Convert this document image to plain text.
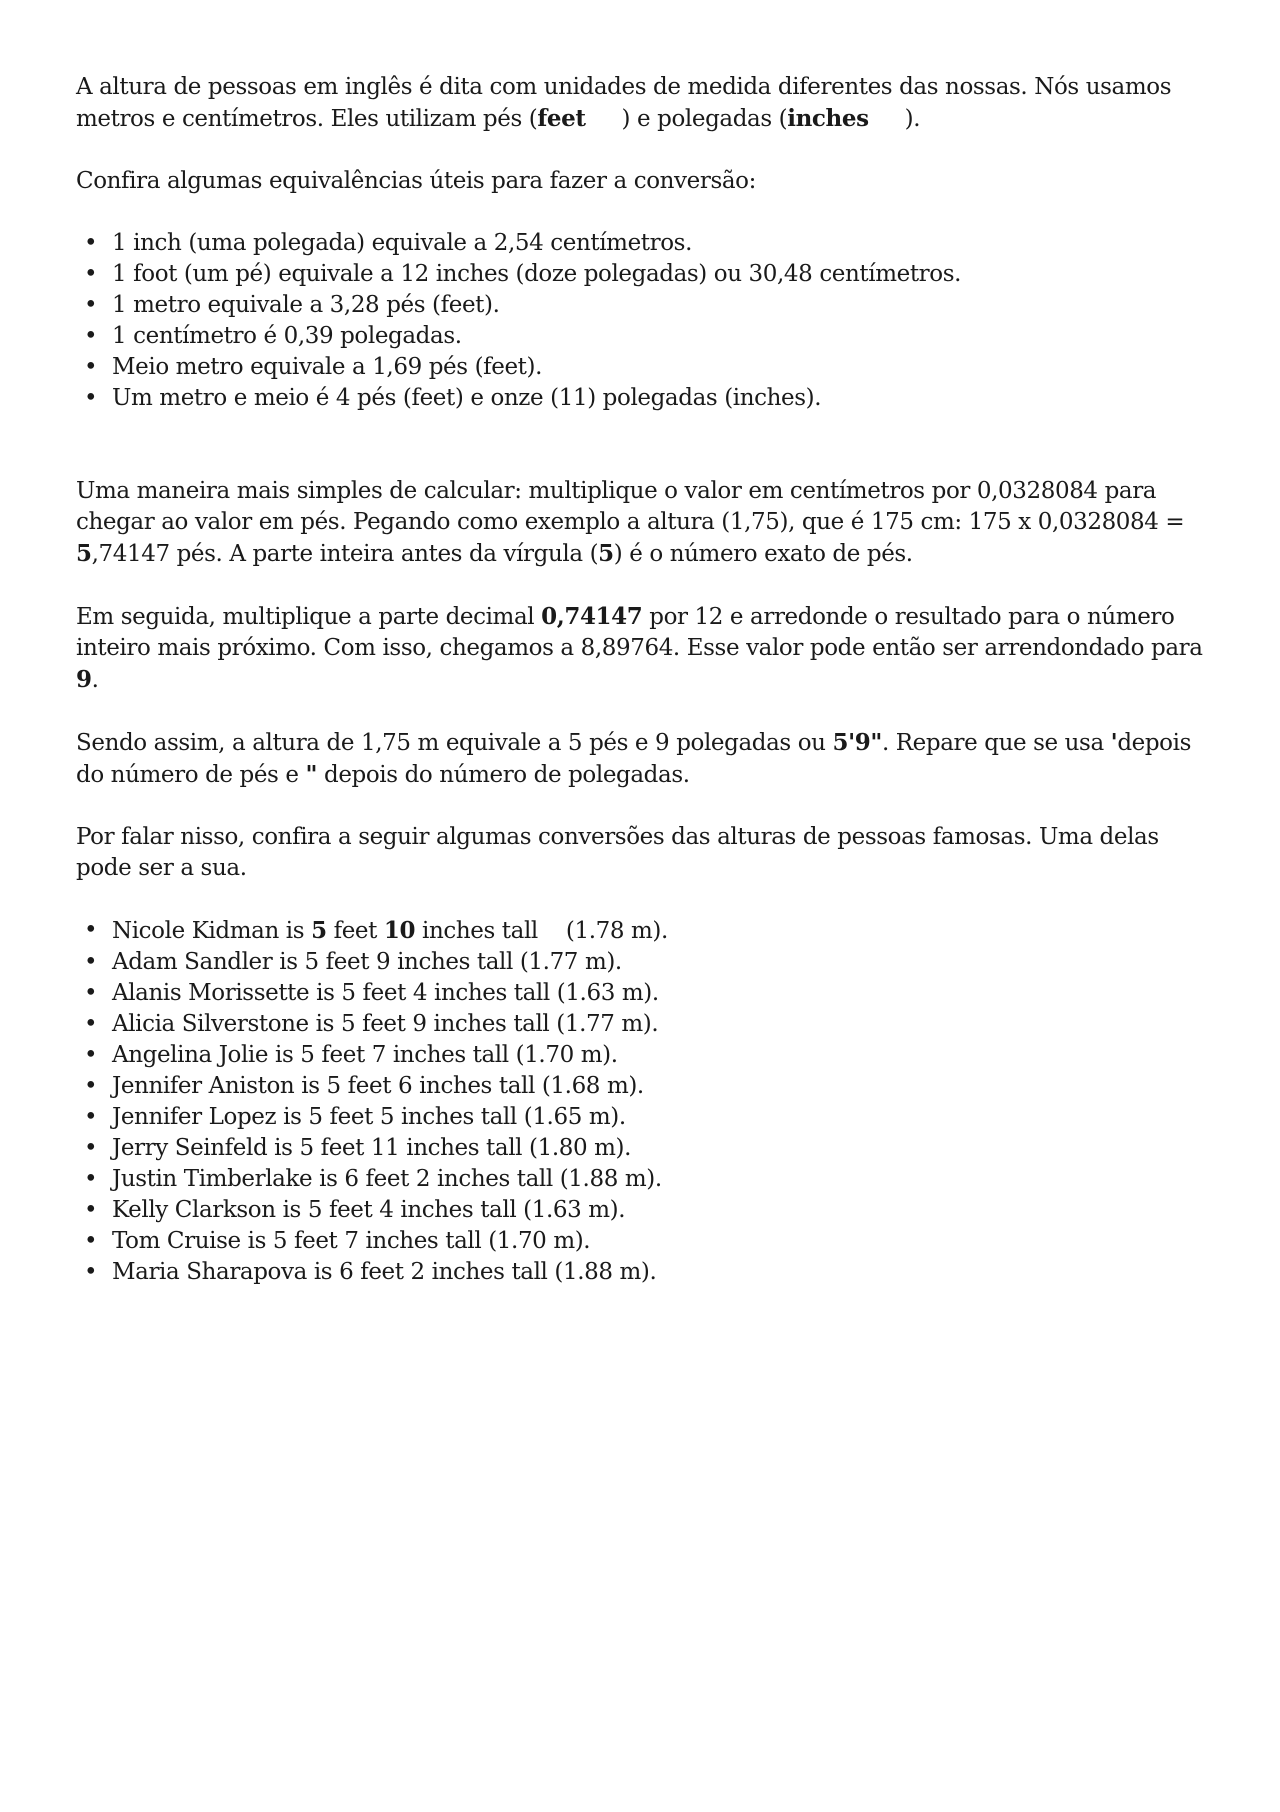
A altura de pessoas em inglês é dita com unidades de medida diferentes das nossas. Nós usamos metros e centímetros. Eles utilizam pés (feet ) e polegadas (inches ).

Confira algumas equivalências úteis para fazer a conversão:

• 1 inch (uma polegada) equivale a 2,54 centímetros.
• 1 foot (um pé) equivale a 12 inches (doze polegadas) ou 30,48 centímetros.
• 1 metro equivale a 3,28 pés (feet).
• 1 centímetro é 0,39 polegadas.
• Meio metro equivale a 1,69 pés (feet).
• Um metro e meio é 4 pés (feet) e onze (11) polegadas (inches).

Uma maneira mais simples de calcular: multiplique o valor em centímetros por 0,0328084 para chegar ao valor em pés. Pegando como exemplo a altura (1,75), que é 175 cm: 175 x 0,0328084 = 5,74147 pés. A parte inteira antes da vírgula (5) é o número exato de pés.

Em seguida, multiplique a parte decimal 0,74147 por 12 e arredonde o resultado para o número inteiro mais próximo. Com isso, chegamos a 8,89764. Esse valor pode então ser arrendondado para 9.

Sendo assim, a altura de 1,75 m equivale a 5 pés e 9 polegadas ou 5'9". Repare que se usa 'depois do número de pés e " depois do número de polegadas.

Por falar nisso, confira a seguir algumas conversões das alturas de pessoas famosas. Uma delas pode ser a sua.

• Nicole Kidman is 5 feet 10 inches tall (1.78 m).
• Adam Sandler is 5 feet 9 inches tall (1.77 m).
• Alanis Morissette is 5 feet 4 inches tall (1.63 m).
• Alicia Silverstone is 5 feet 9 inches tall (1.77 m).
• Angelina Jolie is 5 feet 7 inches tall (1.70 m).
• Jennifer Aniston is 5 feet 6 inches tall (1.68 m).
• Jennifer Lopez is 5 feet 5 inches tall (1.65 m).
• Jerry Seinfeld is 5 feet 11 inches tall (1.80 m).
• Justin Timberlake is 6 feet 2 inches tall (1.88 m).
• Kelly Clarkson is 5 feet 4 inches tall (1.63 m).
• Tom Cruise is 5 feet 7 inches tall (1.70 m).
• Maria Sharapova is 6 feet 2 inches tall (1.88 m).
